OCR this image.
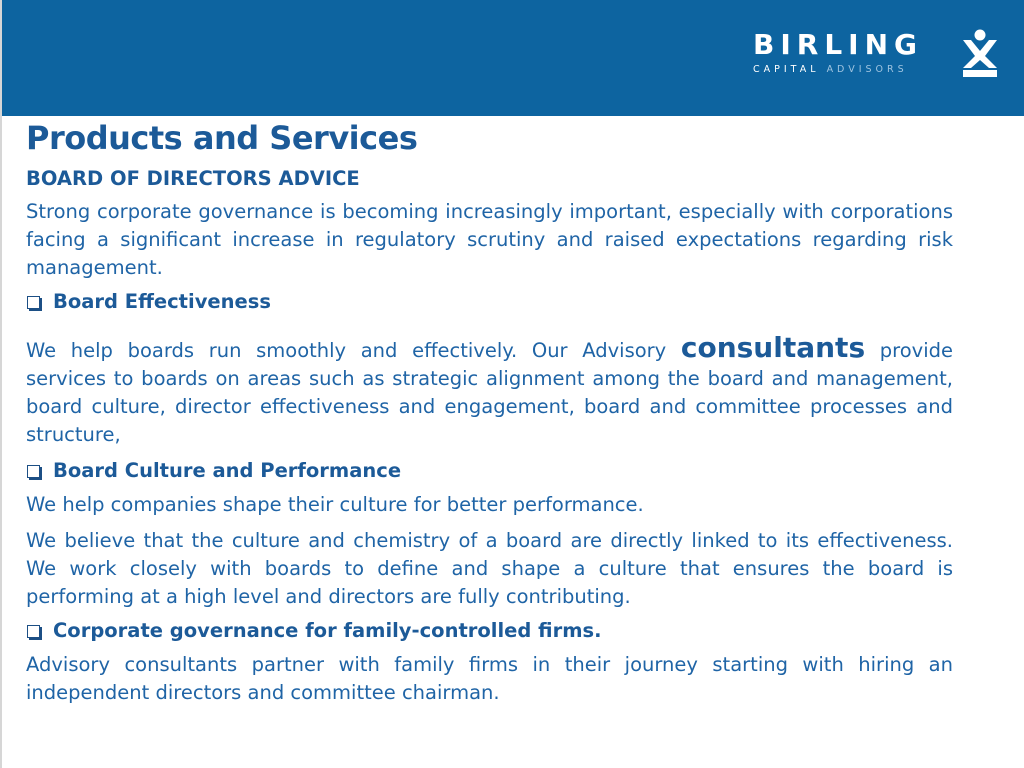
BIRLING
CAPITAL ADVISORS
Products and Services
BOARD OF DIRECTORS ADVICE
Strong corporate governance is becoming increasingly important, especially with corporations facing a significant increase in regulatory scrutiny and raised expectations regarding risk management.
Board Effectiveness
We help boards run smoothly and effectively. Our Advisory consultants provide services to boards on areas such as strategic alignment among the board and management, board culture, director effectiveness and engagement, board and committee processes and structure,
Board Culture and Performance
We help companies shape their culture for better performance.
We believe that the culture and chemistry of a board are directly linked to its effectiveness. We work closely with boards to define and shape a culture that ensures the board is performing at a high level and directors are fully contributing.
Corporate governance for family-controlled firms.
Advisory consultants partner with family firms in their journey starting with hiring an independent directors and committee chairman.
